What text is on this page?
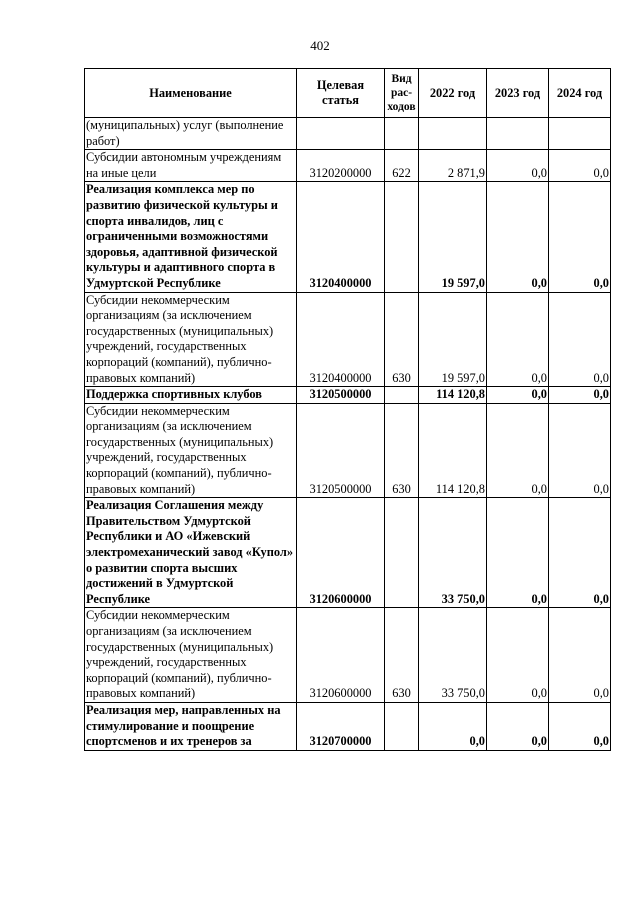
402
Наименование	Целевая статья	Вид рас-ходов	2022 год	2023 год	2024 год
(муниципальных) услуг (выполнение работ)					
Субсидии автономным учреждениям на иные цели	3120200000	622	2 871,9	0,0	0,0
Реализация комплекса мер по развитию физической культуры и спорта инвалидов, лиц с ограниченными возможностями здоровья, адаптивной физической культуры и адаптивного спорта в Удмуртской Республике	3120400000		19 597,0	0,0	0,0
Субсидии некоммерческим организациям (за исключением государственных (муниципальных) учреждений, государственных корпораций (компаний), публично-правовых компаний)	3120400000	630	19 597,0	0,0	0,0
Поддержка спортивных клубов	3120500000		114 120,8	0,0	0,0
Субсидии некоммерческим организациям (за исключением государственных (муниципальных) учреждений, государственных корпораций (компаний), публично-правовых компаний)	3120500000	630	114 120,8	0,0	0,0
Реализация Соглашения между Правительством Удмуртской Республики и АО «Ижевский электромеханический завод «Купол» о развитии спорта высших достижений в Удмуртской Республике	3120600000		33 750,0	0,0	0,0
Субсидии некоммерческим организациям (за исключением государственных (муниципальных) учреждений, государственных корпораций (компаний), публично-правовых компаний)	3120600000	630	33 750,0	0,0	0,0
Реализация мер, направленных на стимулирование и поощрение спортсменов и их тренеров за	3120700000		0,0	0,0	0,0
